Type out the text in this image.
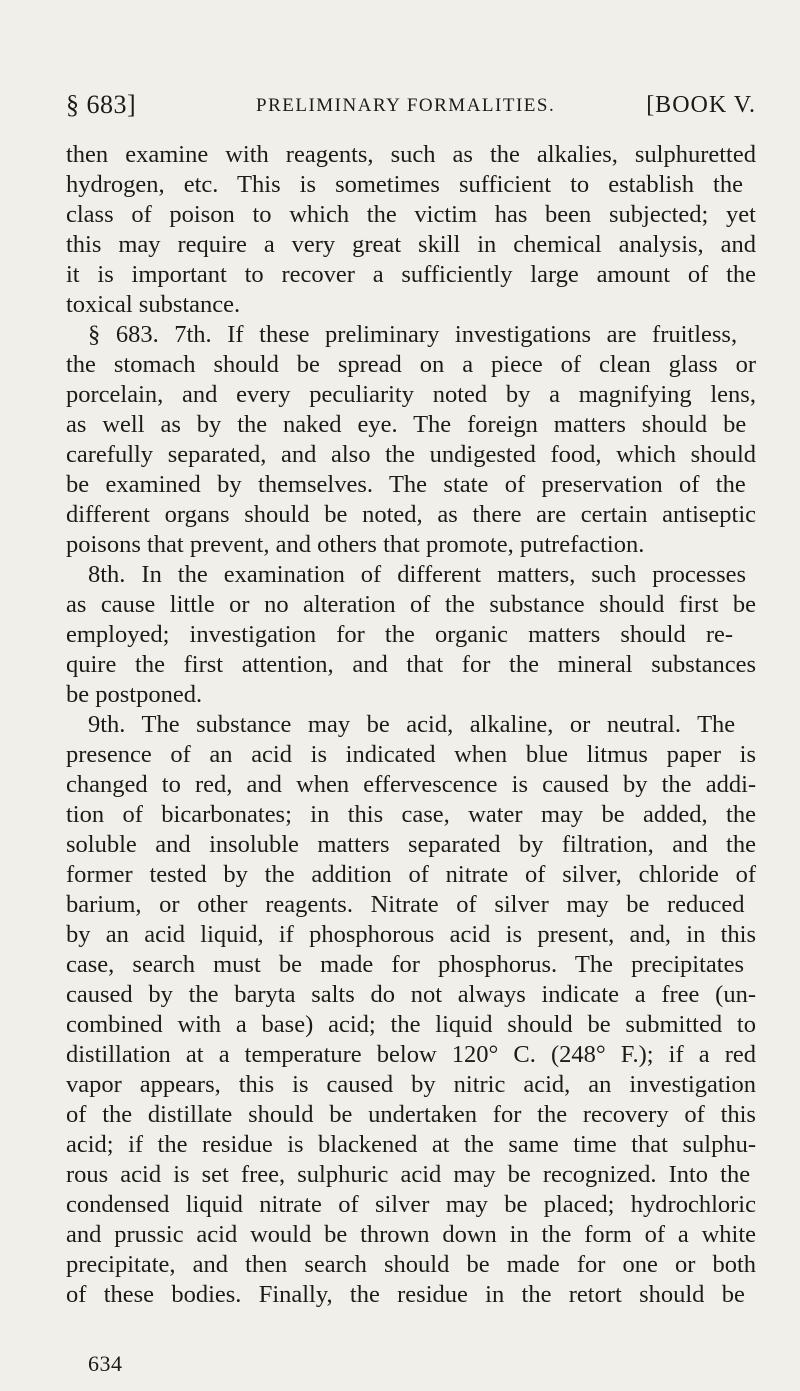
§ 683]	PRELIMINARY FORMALITIES.	[BOOK V.
then examine with reagents, such as the alkalies, sulphuretted
hydrogen, etc. This is sometimes sufficient to establish the
class of poison to which the victim has been subjected; yet
this may require a very great skill in chemical analysis, and
it is important to recover a sufficiently large amount of the
toxical substance.
§ 683. 7th. If these preliminary investigations are fruitless,
the stomach should be spread on a piece of clean glass or
porcelain, and every peculiarity noted by a magnifying lens,
as well as by the naked eye. The foreign matters should be
carefully separated, and also the undigested food, which should
be examined by themselves. The state of preservation of the
different organs should be noted, as there are certain antiseptic
poisons that prevent, and others that promote, putrefaction.
8th. In the examination of different matters, such processes
as cause little or no alteration of the substance should first be
employed; investigation for the organic matters should re-
quire the first attention, and that for the mineral substances
be postponed.
9th. The substance may be acid, alkaline, or neutral. The
presence of an acid is indicated when blue litmus paper is
changed to red, and when effervescence is caused by the addi-
tion of bicarbonates; in this case, water may be added, the
soluble and insoluble matters separated by filtration, and the
former tested by the addition of nitrate of silver, chloride of
barium, or other reagents. Nitrate of silver may be reduced
by an acid liquid, if phosphorous acid is present, and, in this
case, search must be made for phosphorus. The precipitates
caused by the baryta salts do not always indicate a free (un-
combined with a base) acid; the liquid should be submitted to
distillation at a temperature below 120° C. (248° F.); if a red
vapor appears, this is caused by nitric acid, an investigation
of the distillate should be undertaken for the recovery of this
acid; if the residue is blackened at the same time that sulphu-
rous acid is set free, sulphuric acid may be recognized. Into the
condensed liquid nitrate of silver may be placed; hydrochloric
and prussic acid would be thrown down in the form of a white
precipitate, and then search should be made for one or both
of these bodies. Finally, the residue in the retort should be
634
